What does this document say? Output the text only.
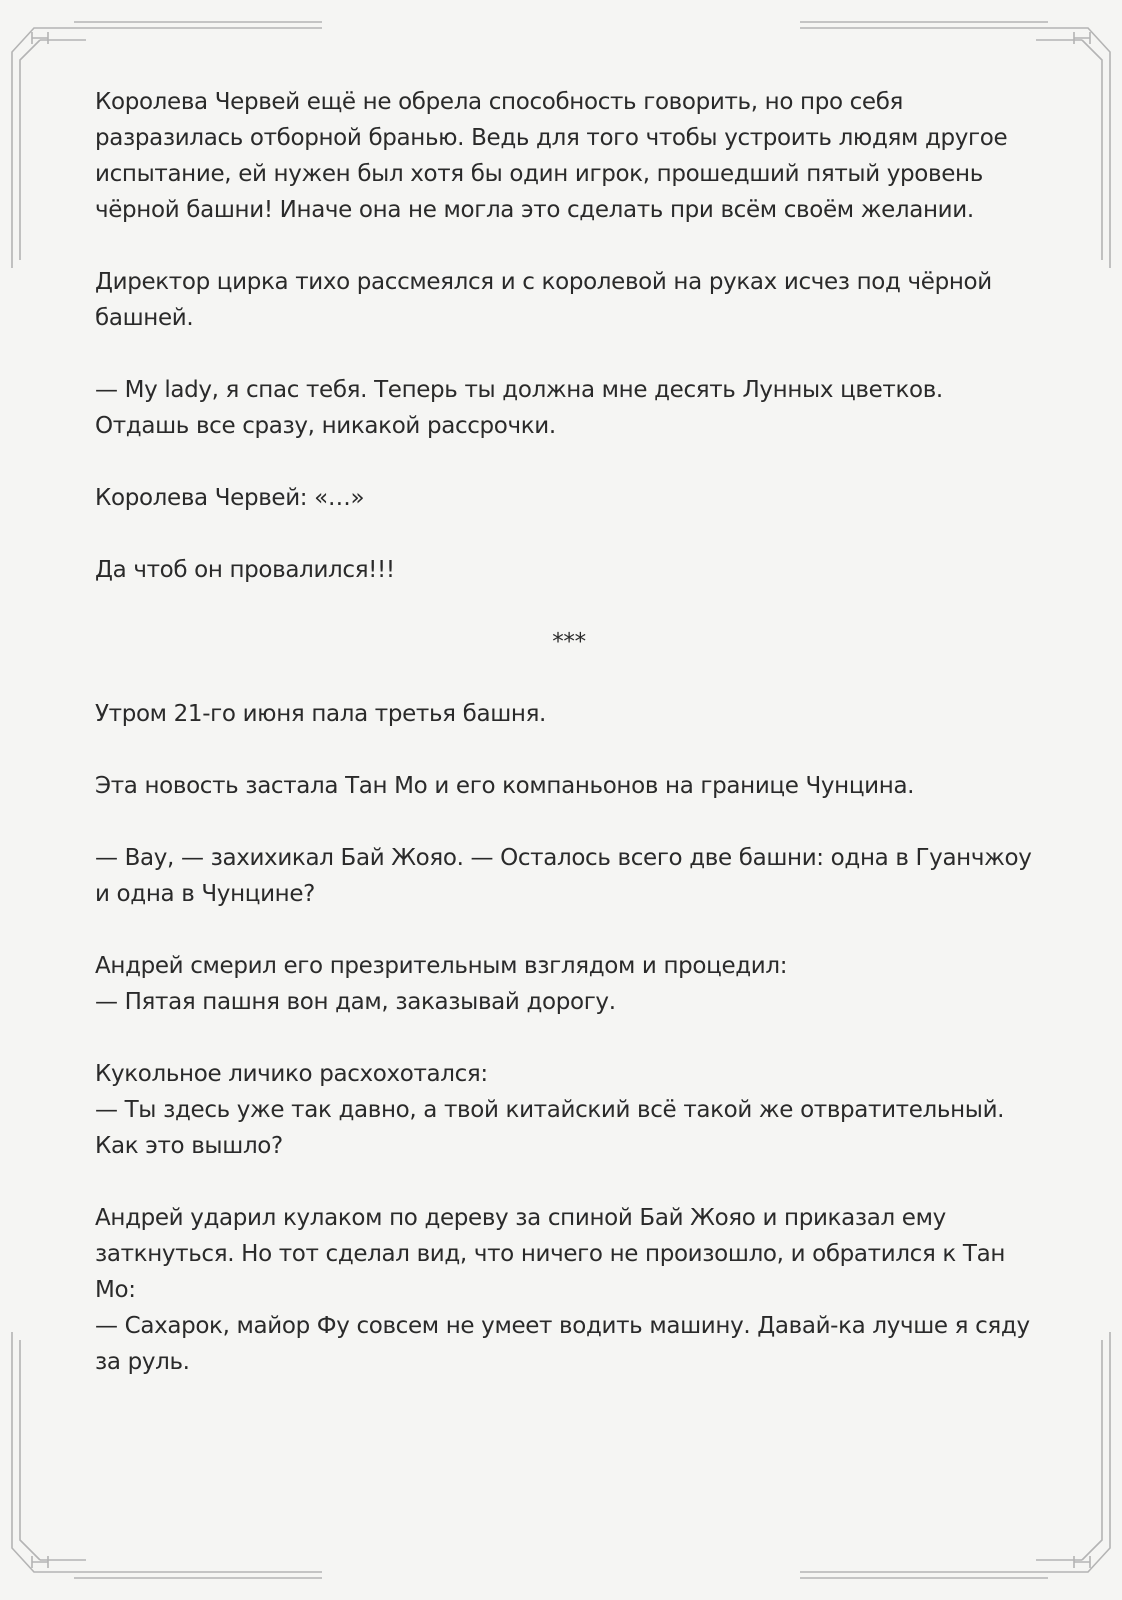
Королева Червей ещё не обрела способность говорить, но про себя разразилась отборной бранью. Ведь для того чтобы устроить людям другое испытание, ей нужен был хотя бы один игрок, прошедший пятый уровень чёрной башни! Иначе она не могла это сделать при всём своём желании.

Директор цирка тихо рассмеялся и с королевой на руках исчез под чёрной башней.

— My lady, я спас тебя. Теперь ты должна мне десять Лунных цветков. Отдашь все сразу, никакой рассрочки.

Королева Червей: «…»

Да чтоб он провалился!!!

***

Утром 21-го июня пала третья башня.

Эта новость застала Тан Мо и его компаньонов на границе Чунцина.

— Вау, — захихикал Бай Жояо. — Осталось всего две башни: одна в Гуанчжоу и одна в Чунцине?

Андрей смерил его презрительным взглядом и процедил:

— Пятая пашня вон дам, заказывай дорогу.

Кукольное личико расхохотался:

— Ты здесь уже так давно, а твой китайский всё такой же отвратительный. Как это вышло?

Андрей ударил кулаком по дереву за спиной Бай Жояо и приказал ему заткнуться. Но тот сделал вид, что ничего не произошло, и обратился к Тан Мо:

— Сахарок, майор Фу совсем не умеет водить машину. Давай-ка лучше я сяду за руль.
